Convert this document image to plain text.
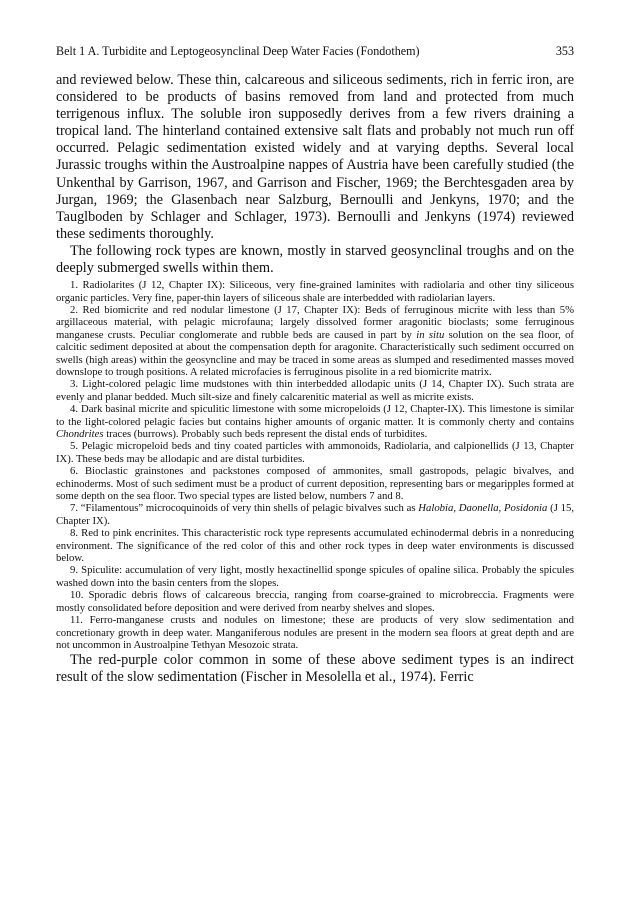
Belt 1 A. Turbidite and Leptogeosynclinal Deep Water Facies (Fondothem)	353

and reviewed below. These thin, calcareous and siliceous sediments, rich in ferric iron, are considered to be products of basins removed from land and protected from much terrigenous influx. The soluble iron supposedly derives from a few rivers draining a tropical land. The hinterland contained extensive salt flats and probably not much run off occurred. Pelagic sedimentation existed widely and at varying depths. Several local Jurassic troughs within the Austroalpine nappes of Austria have been carefully studied (the Unkenthal by Garrison, 1967, and Garrison and Fischer, 1969; the Berchtesgaden area by Jurgan, 1969; the Glasenbach near Salzburg, Bernoulli and Jenkyns, 1970; and the Tauglboden by Schlager and Schlager, 1973). Bernoulli and Jenkyns (1974) reviewed these sediments thoroughly.

The following rock types are known, mostly in starved geosynclinal troughs and on the deeply submerged swells within them.

1. Radiolarites (J 12, Chapter IX): Siliceous, very fine-grained laminites with radiolaria and other tiny siliceous organic particles. Very fine, paper-thin layers of siliceous shale are interbedded with radiolarian layers.

2. Red biomicrite and red nodular limestone (J 17, Chapter IX): Beds of ferruginous micrite with less than 5% argillaceous material, with pelagic microfauna; largely dissolved former aragonitic bioclasts; some ferruginous manganese crusts. Peculiar conglomerate and rubble beds are caused in part by in situ solution on the sea floor, of calcitic sediment deposited at about the compensation depth for aragonite. Characteristically such sediment occurred on swells (high areas) within the geosyncline and may be traced in some areas as slumped and resedimented masses moved downslope to trough positions. A related microfacies is ferruginous pisolite in a red biomicrite matrix.

3. Light-colored pelagic lime mudstones with thin interbedded allodapic units (J 14, Chapter IX). Such strata are evenly and planar bedded. Much silt-size and finely calcarenitic material as well as micrite exists.

4. Dark basinal micrite and spiculitic limestone with some micropeloids (J 12, Chapter-IX). This limestone is similar to the light-colored pelagic facies but contains higher amounts of organic matter. It is commonly cherty and contains Chondrites traces (burrows). Probably such beds represent the distal ends of turbidites.

5. Pelagic micropeloid beds and tiny coated particles with ammonoids, Radiolaria, and calpionellids (J 13, Chapter IX). These beds may be allodapic and are distal turbidites.

6. Bioclastic grainstones and packstones composed of ammonites, small gastropods, pelagic bivalves, and echinoderms. Most of such sediment must be a product of current deposition, representing bars or megaripples formed at some depth on the sea floor. Two special types are listed below, numbers 7 and 8.

7. “Filamentous” microcoquinoids of very thin shells of pelagic bivalves such as Halobia, Daonella, Posidonia (J 15, Chapter IX).

8. Red to pink encrinites. This characteristic rock type represents accumulated echinodermal debris in a nonreducing environment. The significance of the red color of this and other rock types in deep water environments is discussed below.

9. Spiculite: accumulation of very light, mostly hexactinellid sponge spicules of opaline silica. Probably the spicules washed down into the basin centers from the slopes.

10. Sporadic debris flows of calcareous breccia, ranging from coarse-grained to microbreccia. Fragments were mostly consolidated before deposition and were derived from nearby shelves and slopes.

11. Ferro-manganese crusts and nodules on limestone; these are products of very slow sedimentation and concretionary growth in deep water. Manganiferous nodules are present in the modern sea floors at great depth and are not uncommon in Austroalpine Tethyan Mesozoic strata.

The red-purple color common in some of these above sediment types is an indirect result of the slow sedimentation (Fischer in Mesolella et al., 1974). Ferric
